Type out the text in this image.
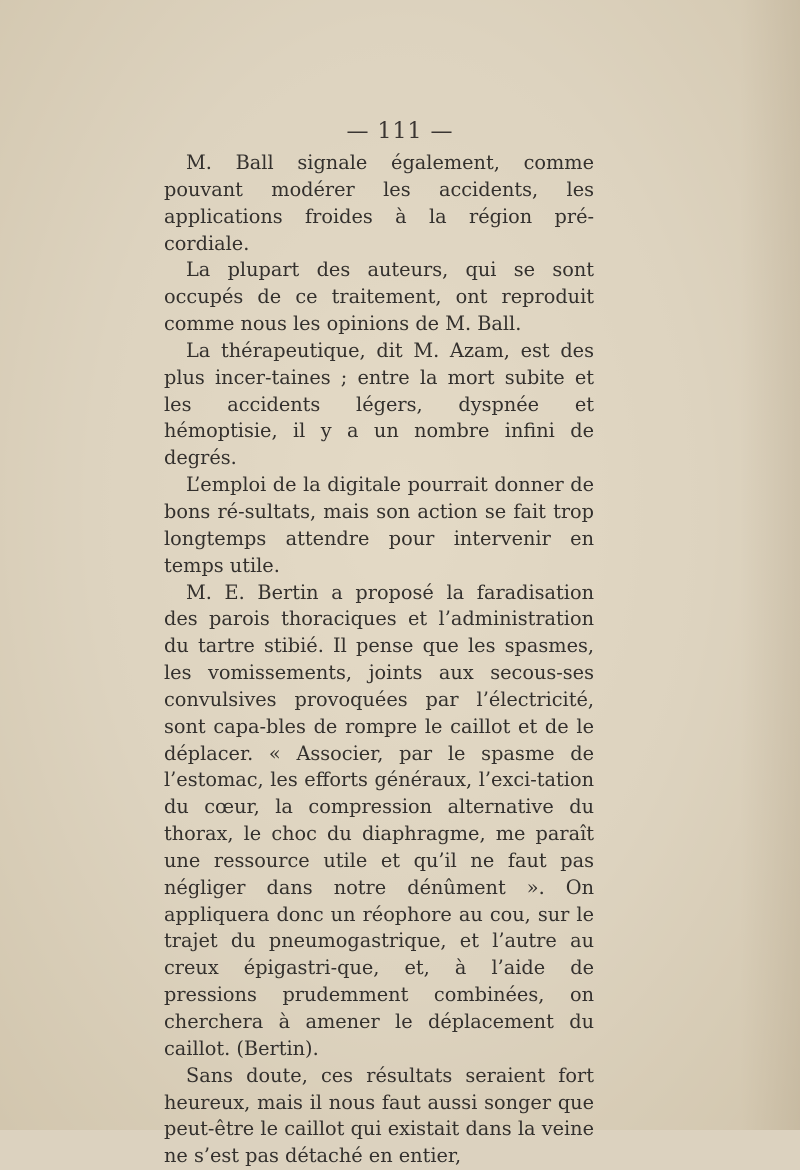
— 111 —

M. Ball signale également, comme pouvant modérer les accidents, les applications froides à la région pré-cordiale.

La plupart des auteurs, qui se sont occupés de ce traitement, ont reproduit comme nous les opinions de M. Ball.

La thérapeutique, dit M. Azam, est des plus incer-taines ; entre la mort subite et les accidents légers, dyspnée et hémoptisie, il y a un nombre infini de degrés.

L’emploi de la digitale pourrait donner de bons ré-sultats, mais son action se fait trop longtemps attendre pour intervenir en temps utile.

M. E. Bertin a proposé la faradisation des parois thoraciques et l’administration du tartre stibié. Il pense que les spasmes, les vomissements, joints aux secous-ses convulsives provoquées par l’électricité, sont capa-bles de rompre le caillot et de le déplacer. « Associer, par le spasme de l’estomac, les efforts généraux, l’exci-tation du cœur, la compression alternative du thorax, le choc du diaphragme, me paraît une ressource utile et qu’il ne faut pas négliger dans notre dénûment ». On appliquera donc un réophore au cou, sur le trajet du pneumogastrique, et l’autre au creux épigastri-que, et, à l’aide de pressions prudemment combinées, on cherchera à amener le déplacement du caillot. (Bertin).

Sans doute, ces résultats seraient fort heureux, mais il nous faut aussi songer que peut-être le caillot qui existait dans la veine ne s’est pas détaché en entier,
